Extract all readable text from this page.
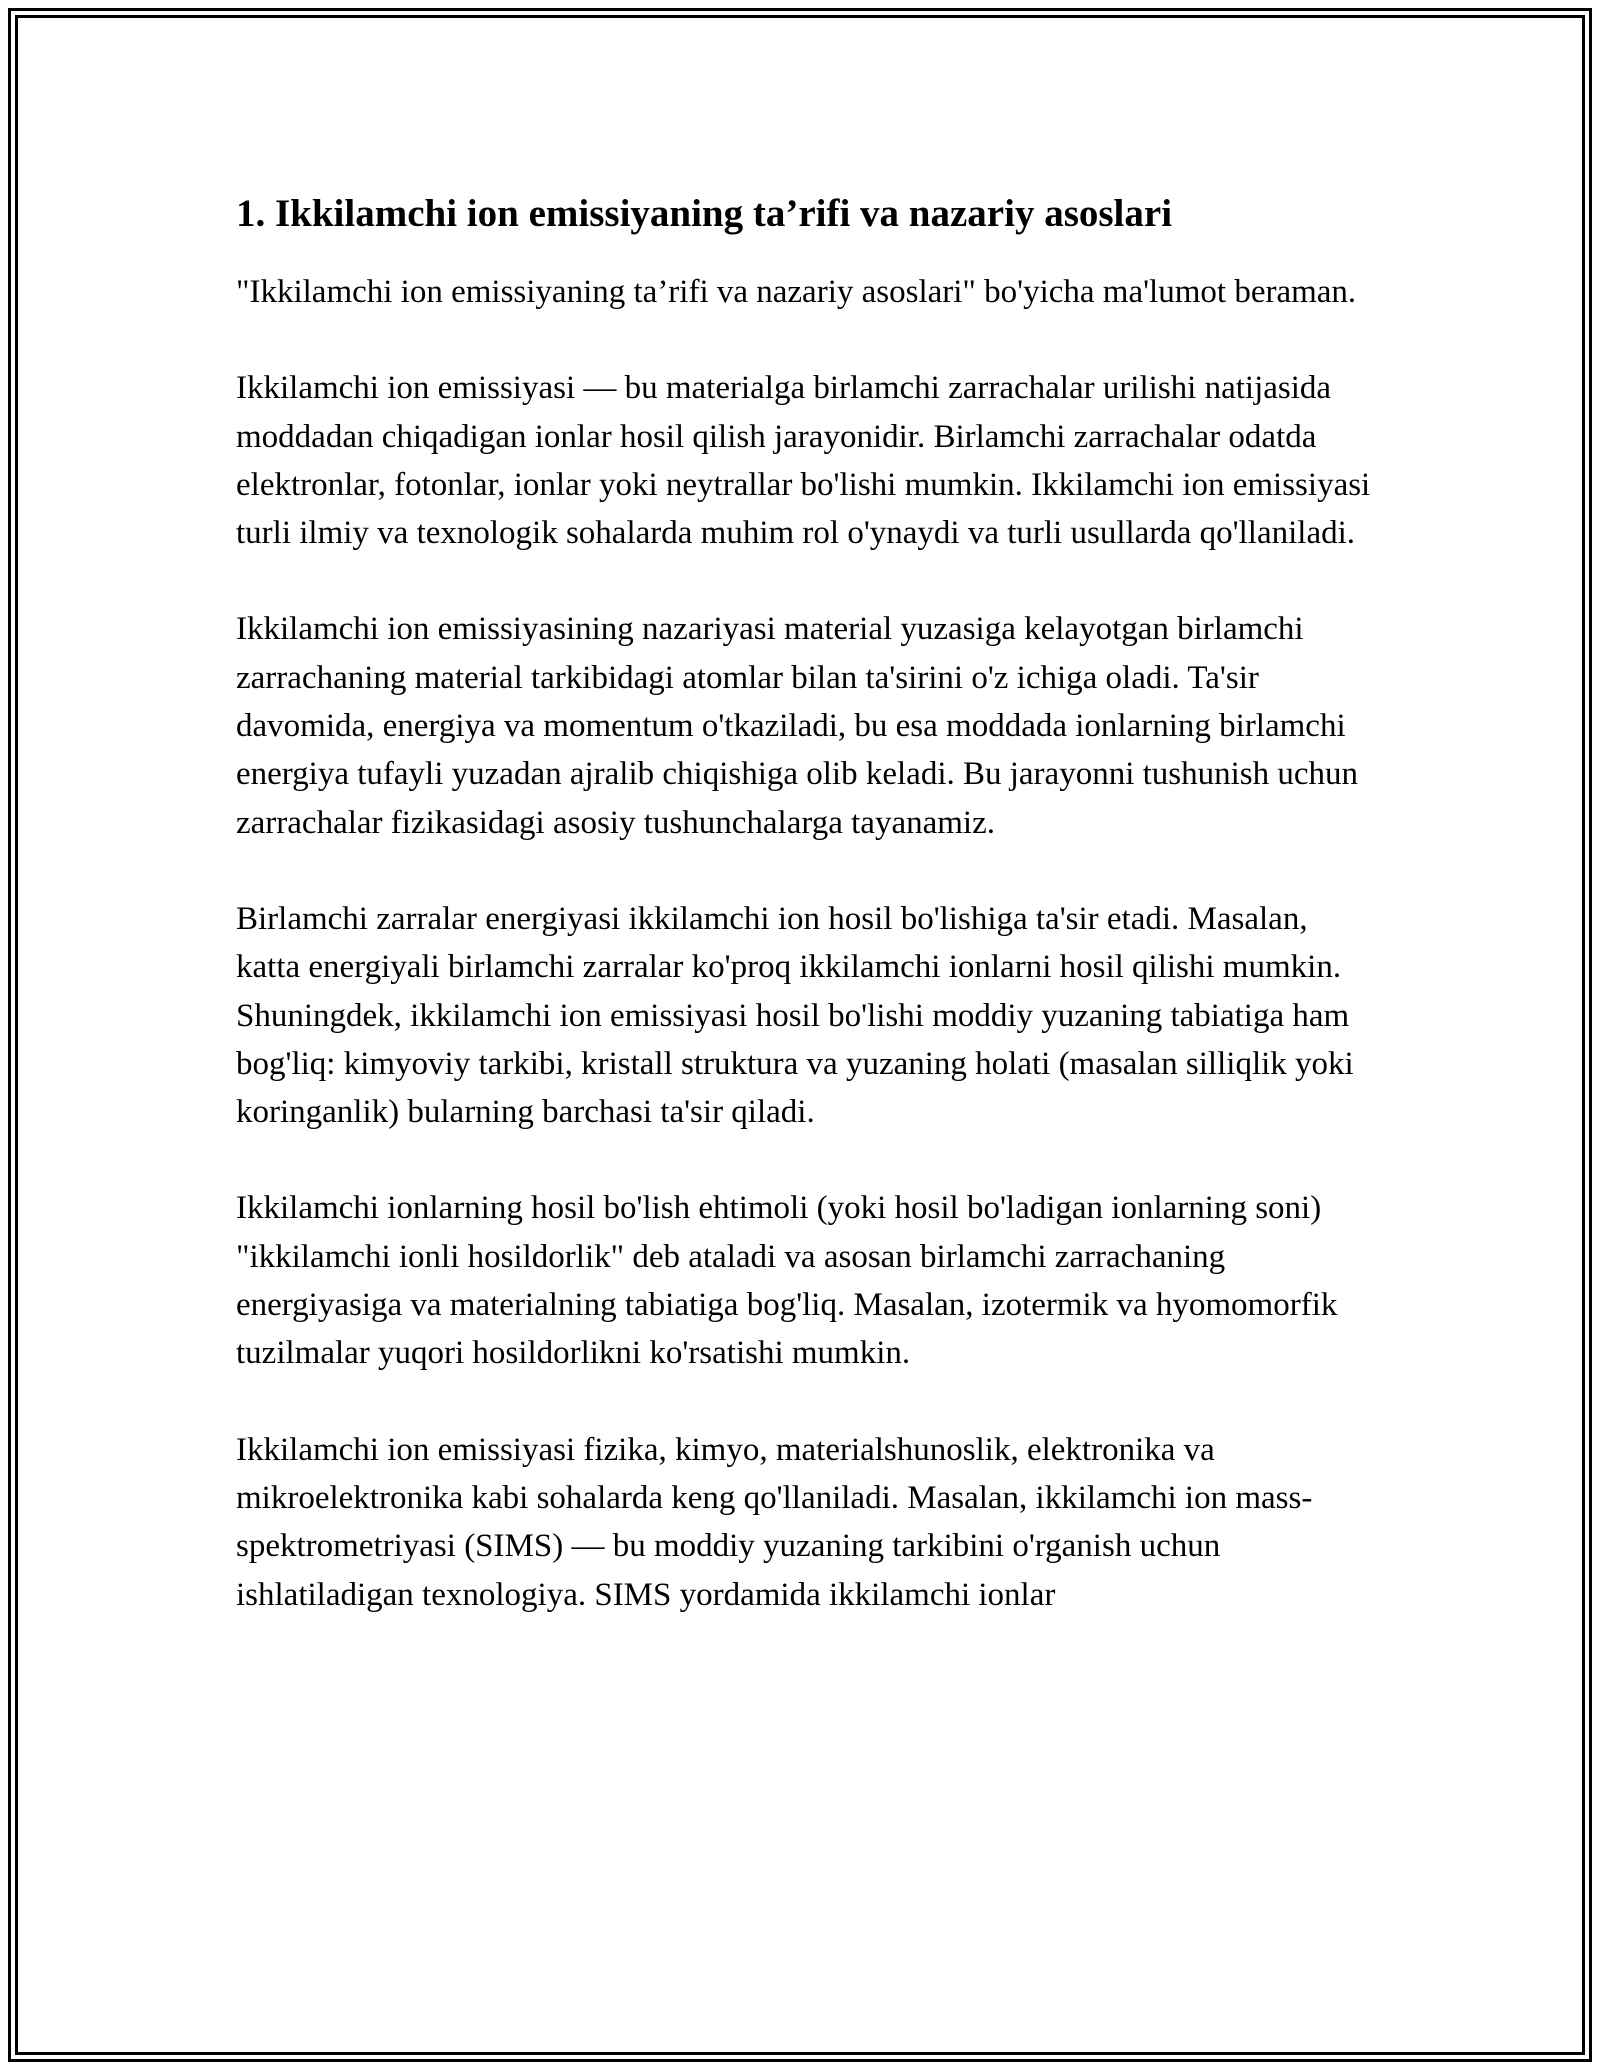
1. Ikkilamchi ion emissiyaning ta’rifi va nazariy asoslari

"Ikkilamchi ion emissiyaning ta’rifi va nazariy asoslari" bo'yicha ma'lumot beraman.

Ikkilamchi ion emissiyasi — bu materialga birlamchi zarrachalar urilishi natijasida moddadan chiqadigan ionlar hosil qilish jarayonidir. Birlamchi zarrachalar odatda elektronlar, fotonlar, ionlar yoki neytrallar bo'lishi mumkin. Ikkilamchi ion emissiyasi turli ilmiy va texnologik sohalarda muhim rol o'ynaydi va turli usullarda qo'llaniladi.

Ikkilamchi ion emissiyasining nazariyasi material yuzasiga kelayotgan birlamchi zarrachaning material tarkibidagi atomlar bilan ta'sirini o'z ichiga oladi. Ta'sir davomida, energiya va momentum o'tkaziladi, bu esa moddada ionlarning birlamchi energiya tufayli yuzadan ajralib chiqishiga olib keladi. Bu jarayonni tushunish uchun zarrachalar fizikasidagi asosiy tushunchalarga tayanamiz.

Birlamchi zarralar energiyasi ikkilamchi ion hosil bo'lishiga ta'sir etadi. Masalan, katta energiyali birlamchi zarralar ko'proq ikkilamchi ionlarni hosil qilishi mumkin. Shuningdek, ikkilamchi ion emissiyasi hosil bo'lishi moddiy yuzaning tabiatiga ham bog'liq: kimyoviy tarkibi, kristall struktura va yuzaning holati (masalan silliqlik yoki koringanlik) bularning barchasi ta'sir qiladi.

Ikkilamchi ionlarning hosil bo'lish ehtimoli (yoki hosil bo'ladigan ionlarning soni) "ikkilamchi ionli hosildorlik" deb ataladi va asosan birlamchi zarrachaning energiyasiga va materialning tabiatiga bog'liq. Masalan, izotermik va hyomomorfik tuzilmalar yuqori hosildorlikni ko'rsatishi mumkin.

Ikkilamchi ion emissiyasi fizika, kimyo, materialshunoslik, elektronika va mikroelektronika kabi sohalarda keng qo'llaniladi. Masalan, ikkilamchi ion mass-spektrometriyasi (SIMS) — bu moddiy yuzaning tarkibini o'rganish uchun ishlatiladigan texnologiya. SIMS yordamida ikkilamchi ionlar
